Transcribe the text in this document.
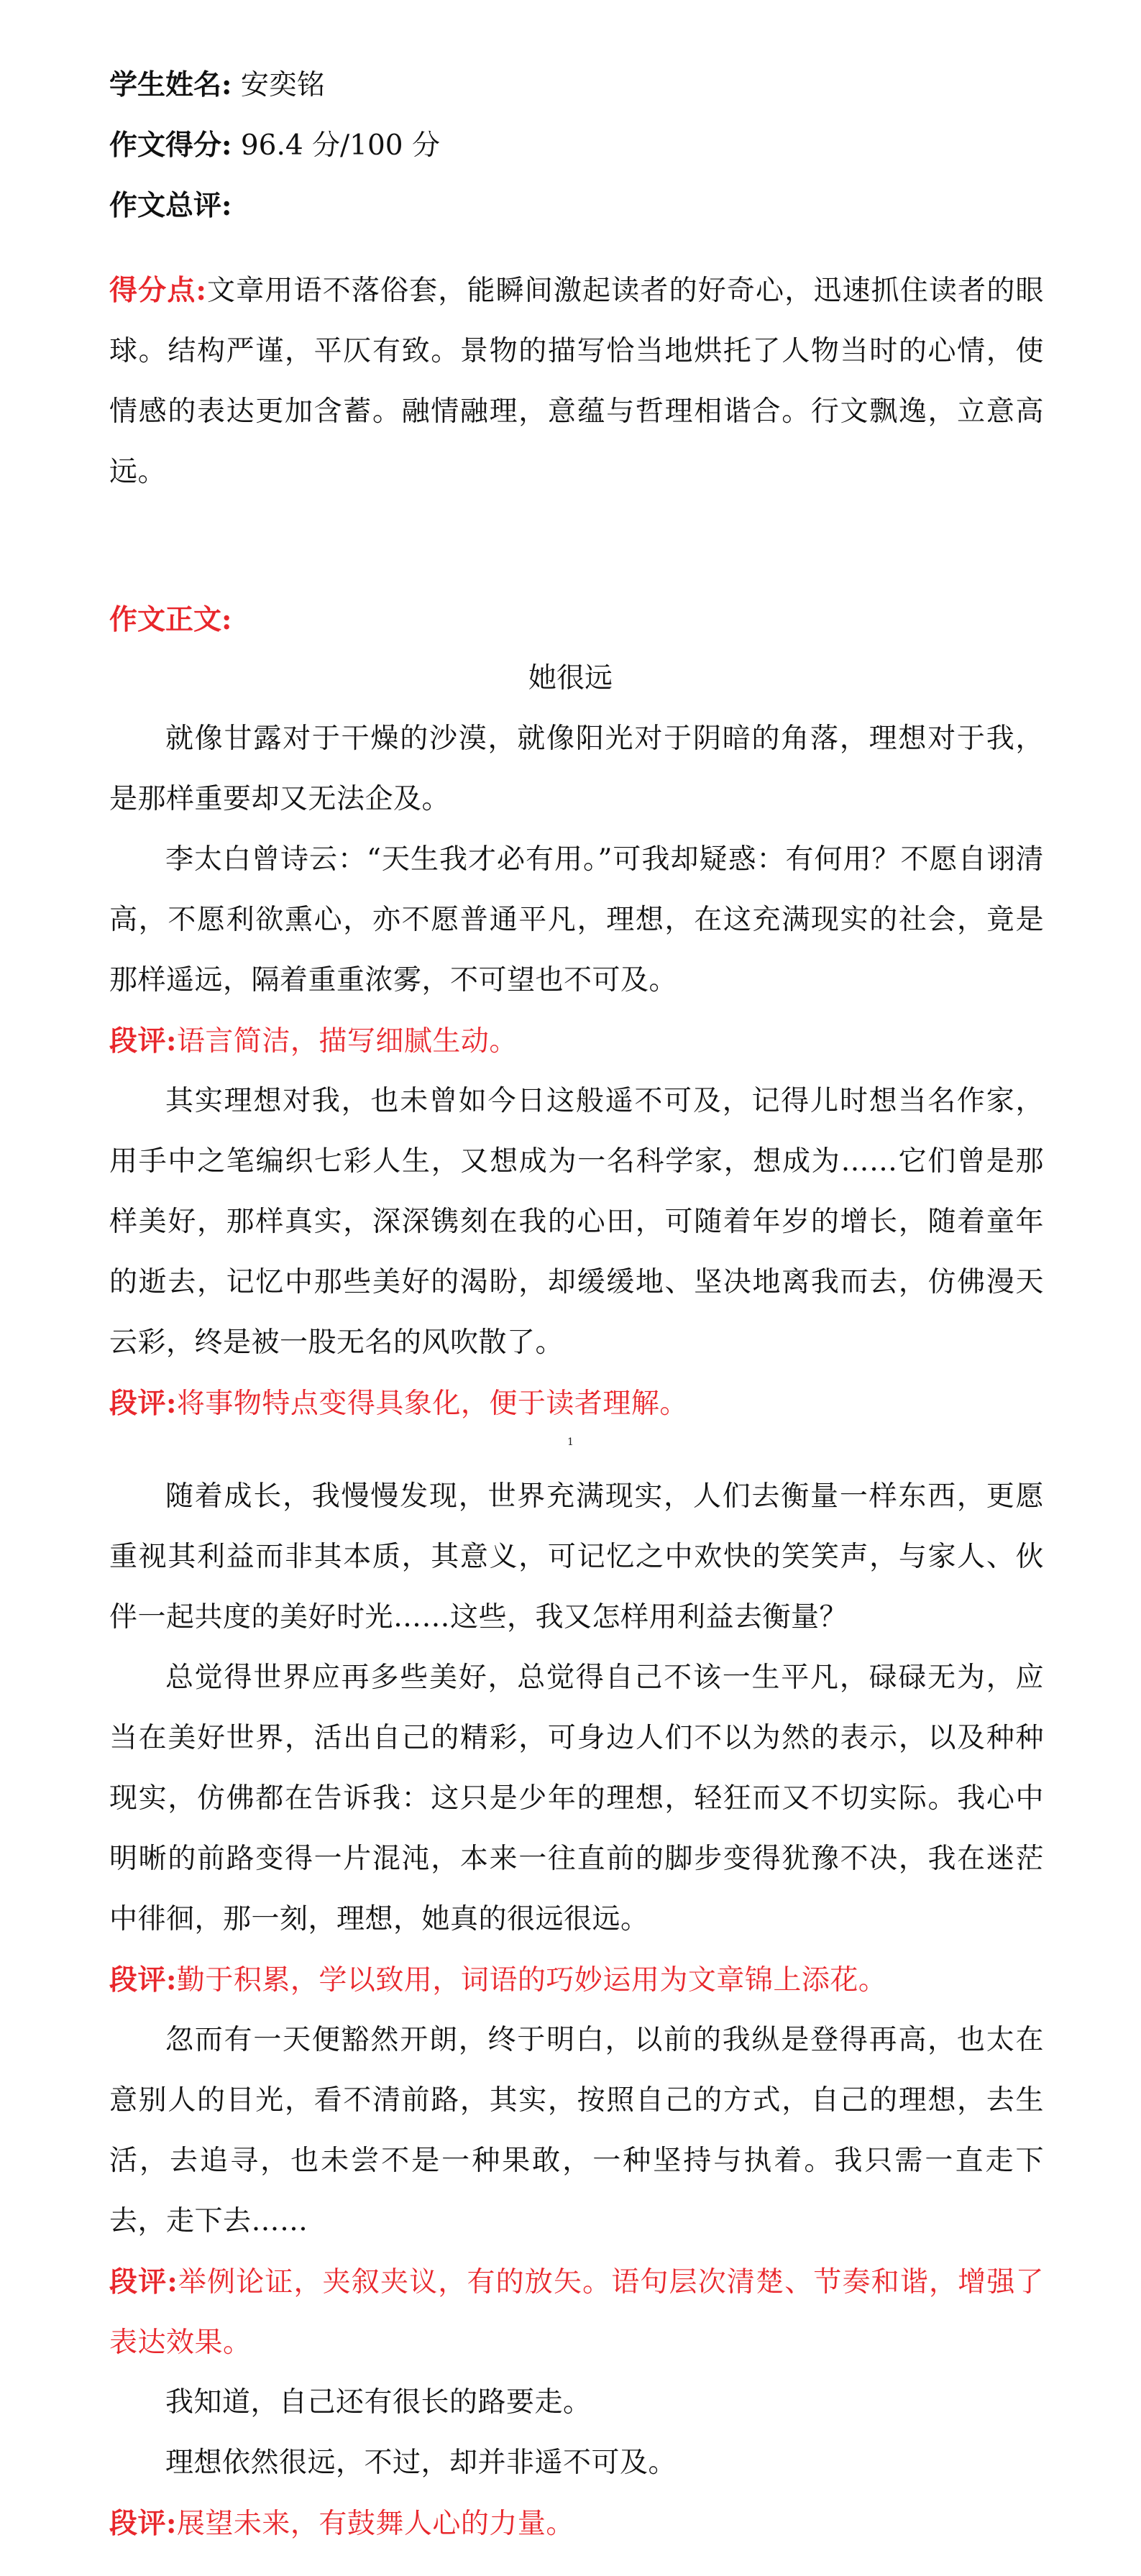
学生姓名: 安奕铭
作文得分: 96.4 分/100 分
作文总评:
得分点:文章用语不落俗套，能瞬间激起读者的好奇心，迅速抓住读者的眼球。结构严谨，平仄有致。景物的描写恰当地烘托了人物当时的心情，使情感的表达更加含蓄。融情融理，意蕴与哲理相谐合。行文飘逸，立意高远。
作文正文:
她很远
就像甘露对于干燥的沙漠，就像阳光对于阴暗的角落，理想对于我，是那样重要却又无法企及。
李太白曾诗云：“天生我才必有用。”可我却疑惑：有何用？不愿自诩清高，不愿利欲熏心，亦不愿普通平凡，理想，在这充满现实的社会，竟是那样遥远，隔着重重浓雾，不可望也不可及。
段评:语言简洁，描写细腻生动。
其实理想对我，也未曾如今日这般遥不可及，记得儿时想当名作家，用手中之笔编织七彩人生，又想成为一名科学家，想成为……它们曾是那样美好，那样真实，深深镌刻在我的心田，可随着年岁的增长，随着童年的逝去，记忆中那些美好的渴盼，却缓缓地、坚决地离我而去，仿佛漫天云彩，终是被一股无名的风吹散了。
段评:将事物特点变得具象化，便于读者理解。
1
随着成长，我慢慢发现，世界充满现实，人们去衡量一样东西，更愿重视其利益而非其本质，其意义，可记忆之中欢快的笑笑声，与家人、伙伴一起共度的美好时光……这些，我又怎样用利益去衡量？
总觉得世界应再多些美好，总觉得自己不该一生平凡，碌碌无为，应当在美好世界，活出自己的精彩，可身边人们不以为然的表示，以及种种现实，仿佛都在告诉我：这只是少年的理想，轻狂而又不切实际。我心中明晰的前路变得一片混沌，本来一往直前的脚步变得犹豫不决，我在迷茫中徘徊，那一刻，理想，她真的很远很远。
段评:勤于积累，学以致用，词语的巧妙运用为文章锦上添花。
忽而有一天便豁然开朗，终于明白，以前的我纵是登得再高，也太在意别人的目光，看不清前路，其实，按照自己的方式，自己的理想，去生活，去追寻，也未尝不是一种果敢，一种坚持与执着。我只需一直走下去，走下去……
段评:举例论证，夹叙夹议，有的放矢。语句层次清楚、节奏和谐，增强了表达效果。
我知道，自己还有很长的路要走。
理想依然很远，不过，却并非遥不可及。
段评:展望未来，有鼓舞人心的力量。
